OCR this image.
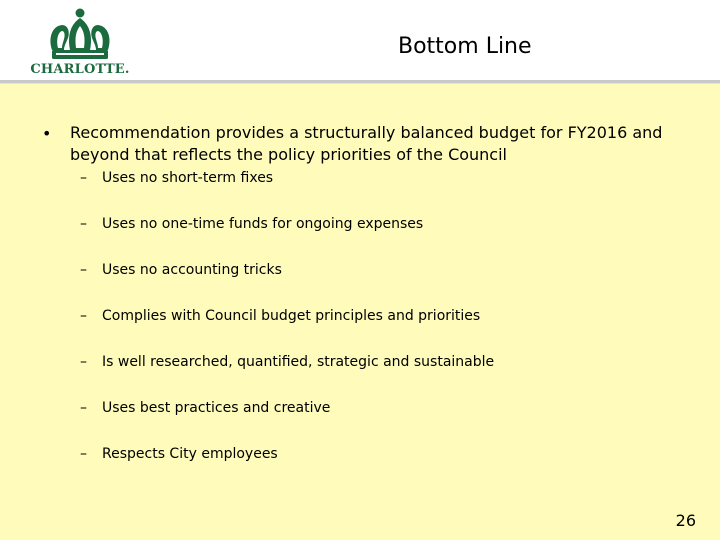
CHARLOTTE.
Bottom Line
• Recommendation provides a structurally balanced budget for FY2016 and beyond that reflects the policy priorities of the Council
– Uses no short-term fixes
– Uses no one-time funds for ongoing expenses
– Uses no accounting tricks
– Complies with Council budget principles and priorities
– Is well researched, quantified, strategic and sustainable
– Uses best practices and creative
– Respects City employees
26
